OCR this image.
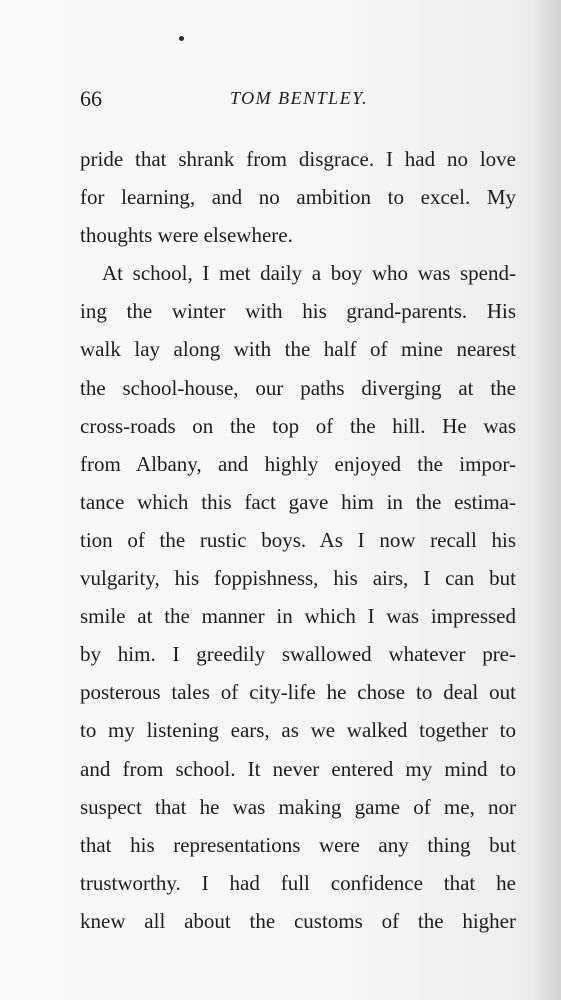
66	TOM BENTLEY.
pride that shrank from disgrace. I had no love
for learning, and no ambition to excel. My
thoughts were elsewhere.
At school, I met daily a boy who was spend-
ing the winter with his grand-parents. His
walk lay along with the half of mine nearest
the school-house, our paths diverging at the
cross-roads on the top of the hill. He was
from Albany, and highly enjoyed the impor-
tance which this fact gave him in the estima-
tion of the rustic boys. As I now recall his
vulgarity, his foppishness, his airs, I can but
smile at the manner in which I was impressed
by him. I greedily swallowed whatever pre-
posterous tales of city-life he chose to deal out
to my listening ears, as we walked together to
and from school. It never entered my mind to
suspect that he was making game of me, nor
that his representations were any thing but
trustworthy. I had full confidence that he
knew all about the customs of the higher
